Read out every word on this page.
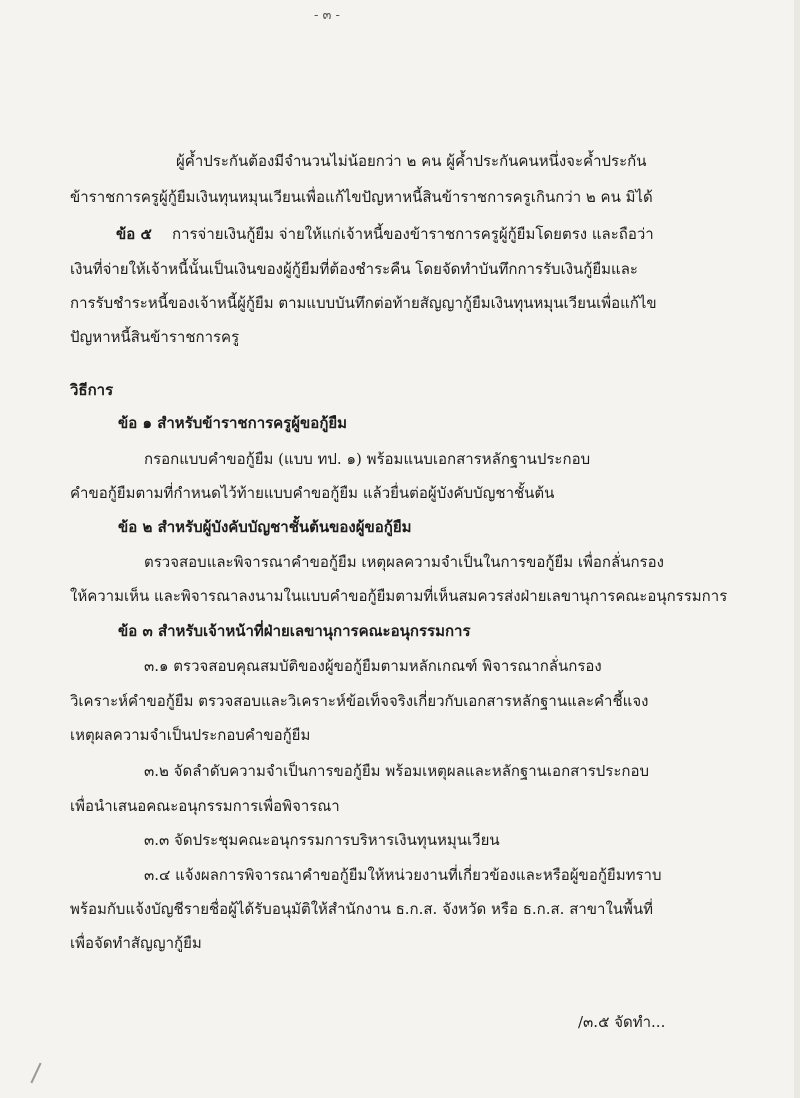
- ๓ -
ผู้ค้ำประกันต้องมีจำนวนไม่น้อยกว่า ๒ คน ผู้ค้ำประกันคนหนึ่งจะค้ำประกัน
ข้าราชการครูผู้กู้ยืมเงินทุนหมุนเวียนเพื่อแก้ไขปัญหาหนี้สินข้าราชการครูเกินกว่า ๒ คน มิได้
ข้อ ๕ การจ่ายเงินกู้ยืม จ่ายให้แก่เจ้าหนี้ของข้าราชการครูผู้กู้ยืมโดยตรง และถือว่า
เงินที่จ่ายให้เจ้าหนี้นั้นเป็นเงินของผู้กู้ยืมที่ต้องชำระคืน โดยจัดทำบันทึกการรับเงินกู้ยืมและ
การรับชำระหนี้ของเจ้าหนี้ผู้กู้ยืม ตามแบบบันทึกต่อท้ายสัญญากู้ยืมเงินทุนหมุนเวียนเพื่อแก้ไข
ปัญหาหนี้สินข้าราชการครู
วิธีการ
ข้อ ๑ สำหรับข้าราชการครูผู้ขอกู้ยืม
กรอกแบบคำขอกู้ยืม (แบบ ทป. ๑) พร้อมแนบเอกสารหลักฐานประกอบ
คำขอกู้ยืมตามที่กำหนดไว้ท้ายแบบคำขอกู้ยืม แล้วยื่นต่อผู้บังคับบัญชาชั้นต้น
ข้อ ๒ สำหรับผู้บังคับบัญชาชั้นต้นของผู้ขอกู้ยืม
ตรวจสอบและพิจารณาคำขอกู้ยืม เหตุผลความจำเป็นในการขอกู้ยืม เพื่อกลั่นกรอง
ให้ความเห็น และพิจารณาลงนามในแบบคำขอกู้ยืมตามที่เห็นสมควรส่งฝ่ายเลขานุการคณะอนุกรรมการ
ข้อ ๓ สำหรับเจ้าหน้าที่ฝ่ายเลขานุการคณะอนุกรรมการ
๓.๑ ตรวจสอบคุณสมบัติของผู้ขอกู้ยืมตามหลักเกณฑ์ พิจารณากลั่นกรอง
วิเคราะห์คำขอกู้ยืม ตรวจสอบและวิเคราะห์ข้อเท็จจริงเกี่ยวกับเอกสารหลักฐานและคำชี้แจง
เหตุผลความจำเป็นประกอบคำขอกู้ยืม
๓.๒ จัดลำดับความจำเป็นการขอกู้ยืม พร้อมเหตุผลและหลักฐานเอกสารประกอบ
เพื่อนำเสนอคณะอนุกรรมการเพื่อพิจารณา
๓.๓ จัดประชุมคณะอนุกรรมการบริหารเงินทุนหมุนเวียน
๓.๔ แจ้งผลการพิจารณาคำขอกู้ยืมให้หน่วยงานที่เกี่ยวข้องและหรือผู้ขอกู้ยืมทราบ
พร้อมกับแจ้งบัญชีรายชื่อผู้ได้รับอนุมัติให้สำนักงาน ธ.ก.ส. จังหวัด หรือ ธ.ก.ส. สาขาในพื้นที่
เพื่อจัดทำสัญญากู้ยืม
/๓.๕ จัดทำ...
